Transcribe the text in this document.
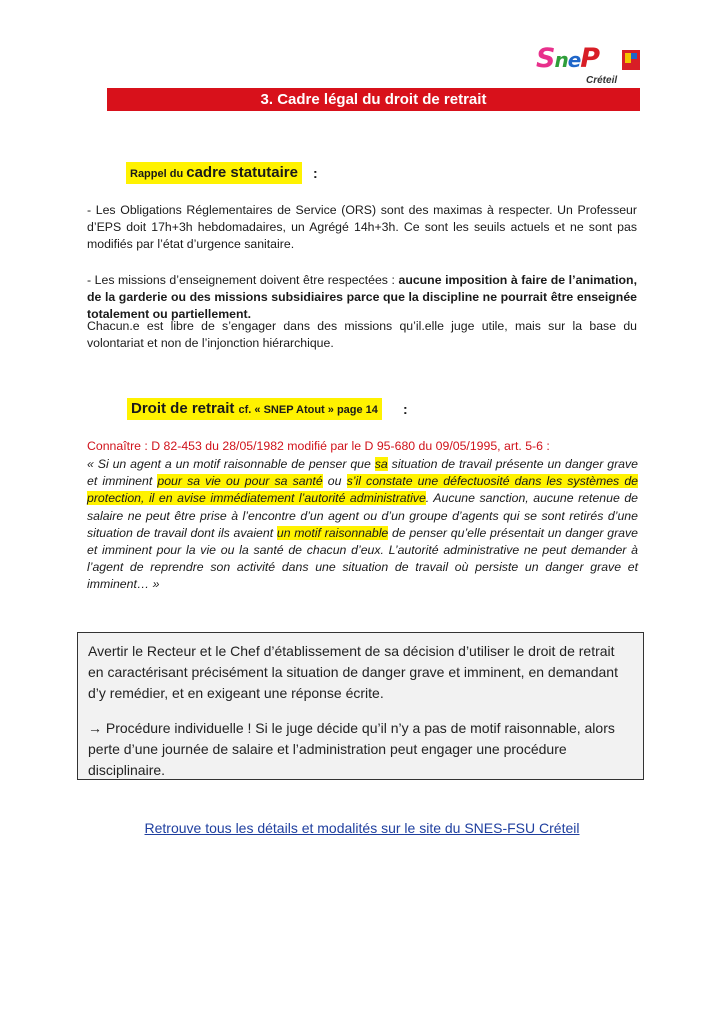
SneP
Créteil
3. Cadre légal du droit de retrait
Rappel du cadre statutaire :

- Les Obligations Réglementaires de Service (ORS) sont des maximas à respecter. Un Professeur d’EPS doit 17h+3h hebdomadaires, un Agrégé 14h+3h. Ce sont les seuils actuels et ne sont pas modifiés par l’état d’urgence sanitaire.

- Les missions d’enseignement doivent être respectées : aucune imposition à faire de l’animation, de la garderie ou des missions subsidiaires parce que la discipline ne pourrait être enseignée totalement ou partiellement.

Chacun.e est libre de s’engager dans des missions qu’il.elle juge utile, mais sur la base du volontariat et non de l’injonction hiérarchique.

Droit de retrait cf. « SNEP Atout » page 14 :
Connaître : D 82-453 du 28/05/1982 modifié par le D 95-680 du 09/05/1995, art. 5-6 :

« Si un agent a un motif raisonnable de penser que sa situation de travail présente un danger grave et imminent pour sa vie ou pour sa santé ou s’il constate une défectuosité dans les systèmes de protection, il en avise immédiatement l’autorité administrative. Aucune sanction, aucune retenue de salaire ne peut être prise à l’encontre d’un agent ou d’un groupe d’agents qui se sont retirés d’une situation de travail dont ils avaient un motif raisonnable de penser qu’elle présentait un danger grave et imminent pour la vie ou la santé de chacun d’eux. L’autorité administrative ne peut demander à l’agent de reprendre son activité dans une situation de travail où persiste un danger grave et imminent… »

Avertir le Recteur et le Chef d’établissement de sa décision d’utiliser le droit de retrait en caractérisant précisément la situation de danger grave et imminent, en demandant d’y remédier, et en exigeant une réponse écrite.

→ Procédure individuelle ! Si le juge décide qu’il n’y a pas de motif raisonnable, alors perte d’une journée de salaire et l’administration peut engager une procédure disciplinaire.

Retrouve tous les détails et modalités sur le site du SNES-FSU Créteil
